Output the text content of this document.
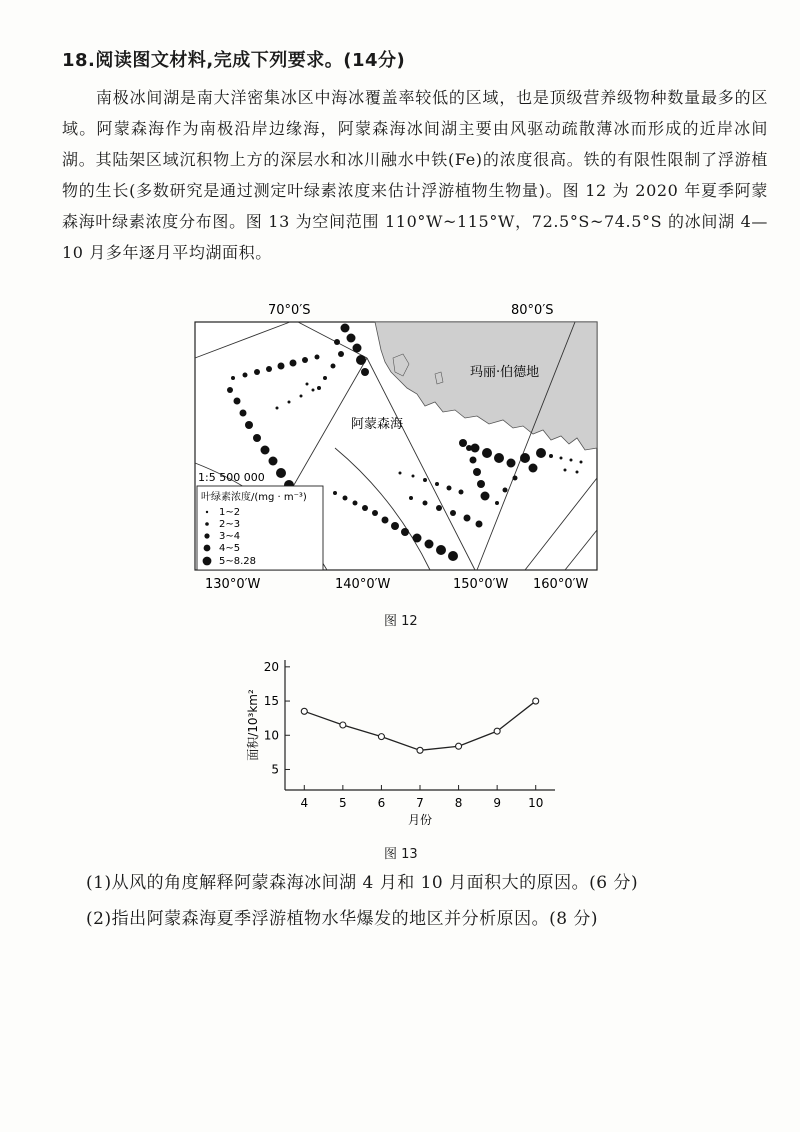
18.阅读图文材料,完成下列要求。(14分)

南极冰间湖是南大洋密集冰区中海冰覆盖率较低的区域，也是顶级营养级物种数量最多的区域。阿蒙森海作为南极沿岸边缘海，阿蒙森海冰间湖主要由风驱动疏散薄冰而形成的近岸冰间湖。其陆架区域沉积物上方的深层水和冰川融水中铁(Fe)的浓度很高。铁的有限性限制了浮游植物的生长(多数研究是通过测定叶绿素浓度来估计浮游植物生物量)。图 12 为 2020 年夏季阿蒙森海叶绿素浓度分布图。图 13 为空间范围 110°W~115°W，72.5°S~74.5°S 的冰间湖 4—10 月多年逐月平均湖面积。

70°0′S	80°0′S
玛丽·伯德地
阿蒙森海
1:5 500 000
叶绿素浓度/(mg · m⁻³)
1~2
2~3
3~4
4~5
5~8.28
130°0′W	140°0′W	150°0′W 160°0′W
图 12
面积/10³km²
月份
5
10
15
20
4	5	6	7	8	9 10
图 13
(1)从风的角度解释阿蒙森海冰间湖 4 月和 10 月面积大的原因。(6 分)
(2)指出阿蒙森海夏季浮游植物水华爆发的地区并分析原因。(8 分)
